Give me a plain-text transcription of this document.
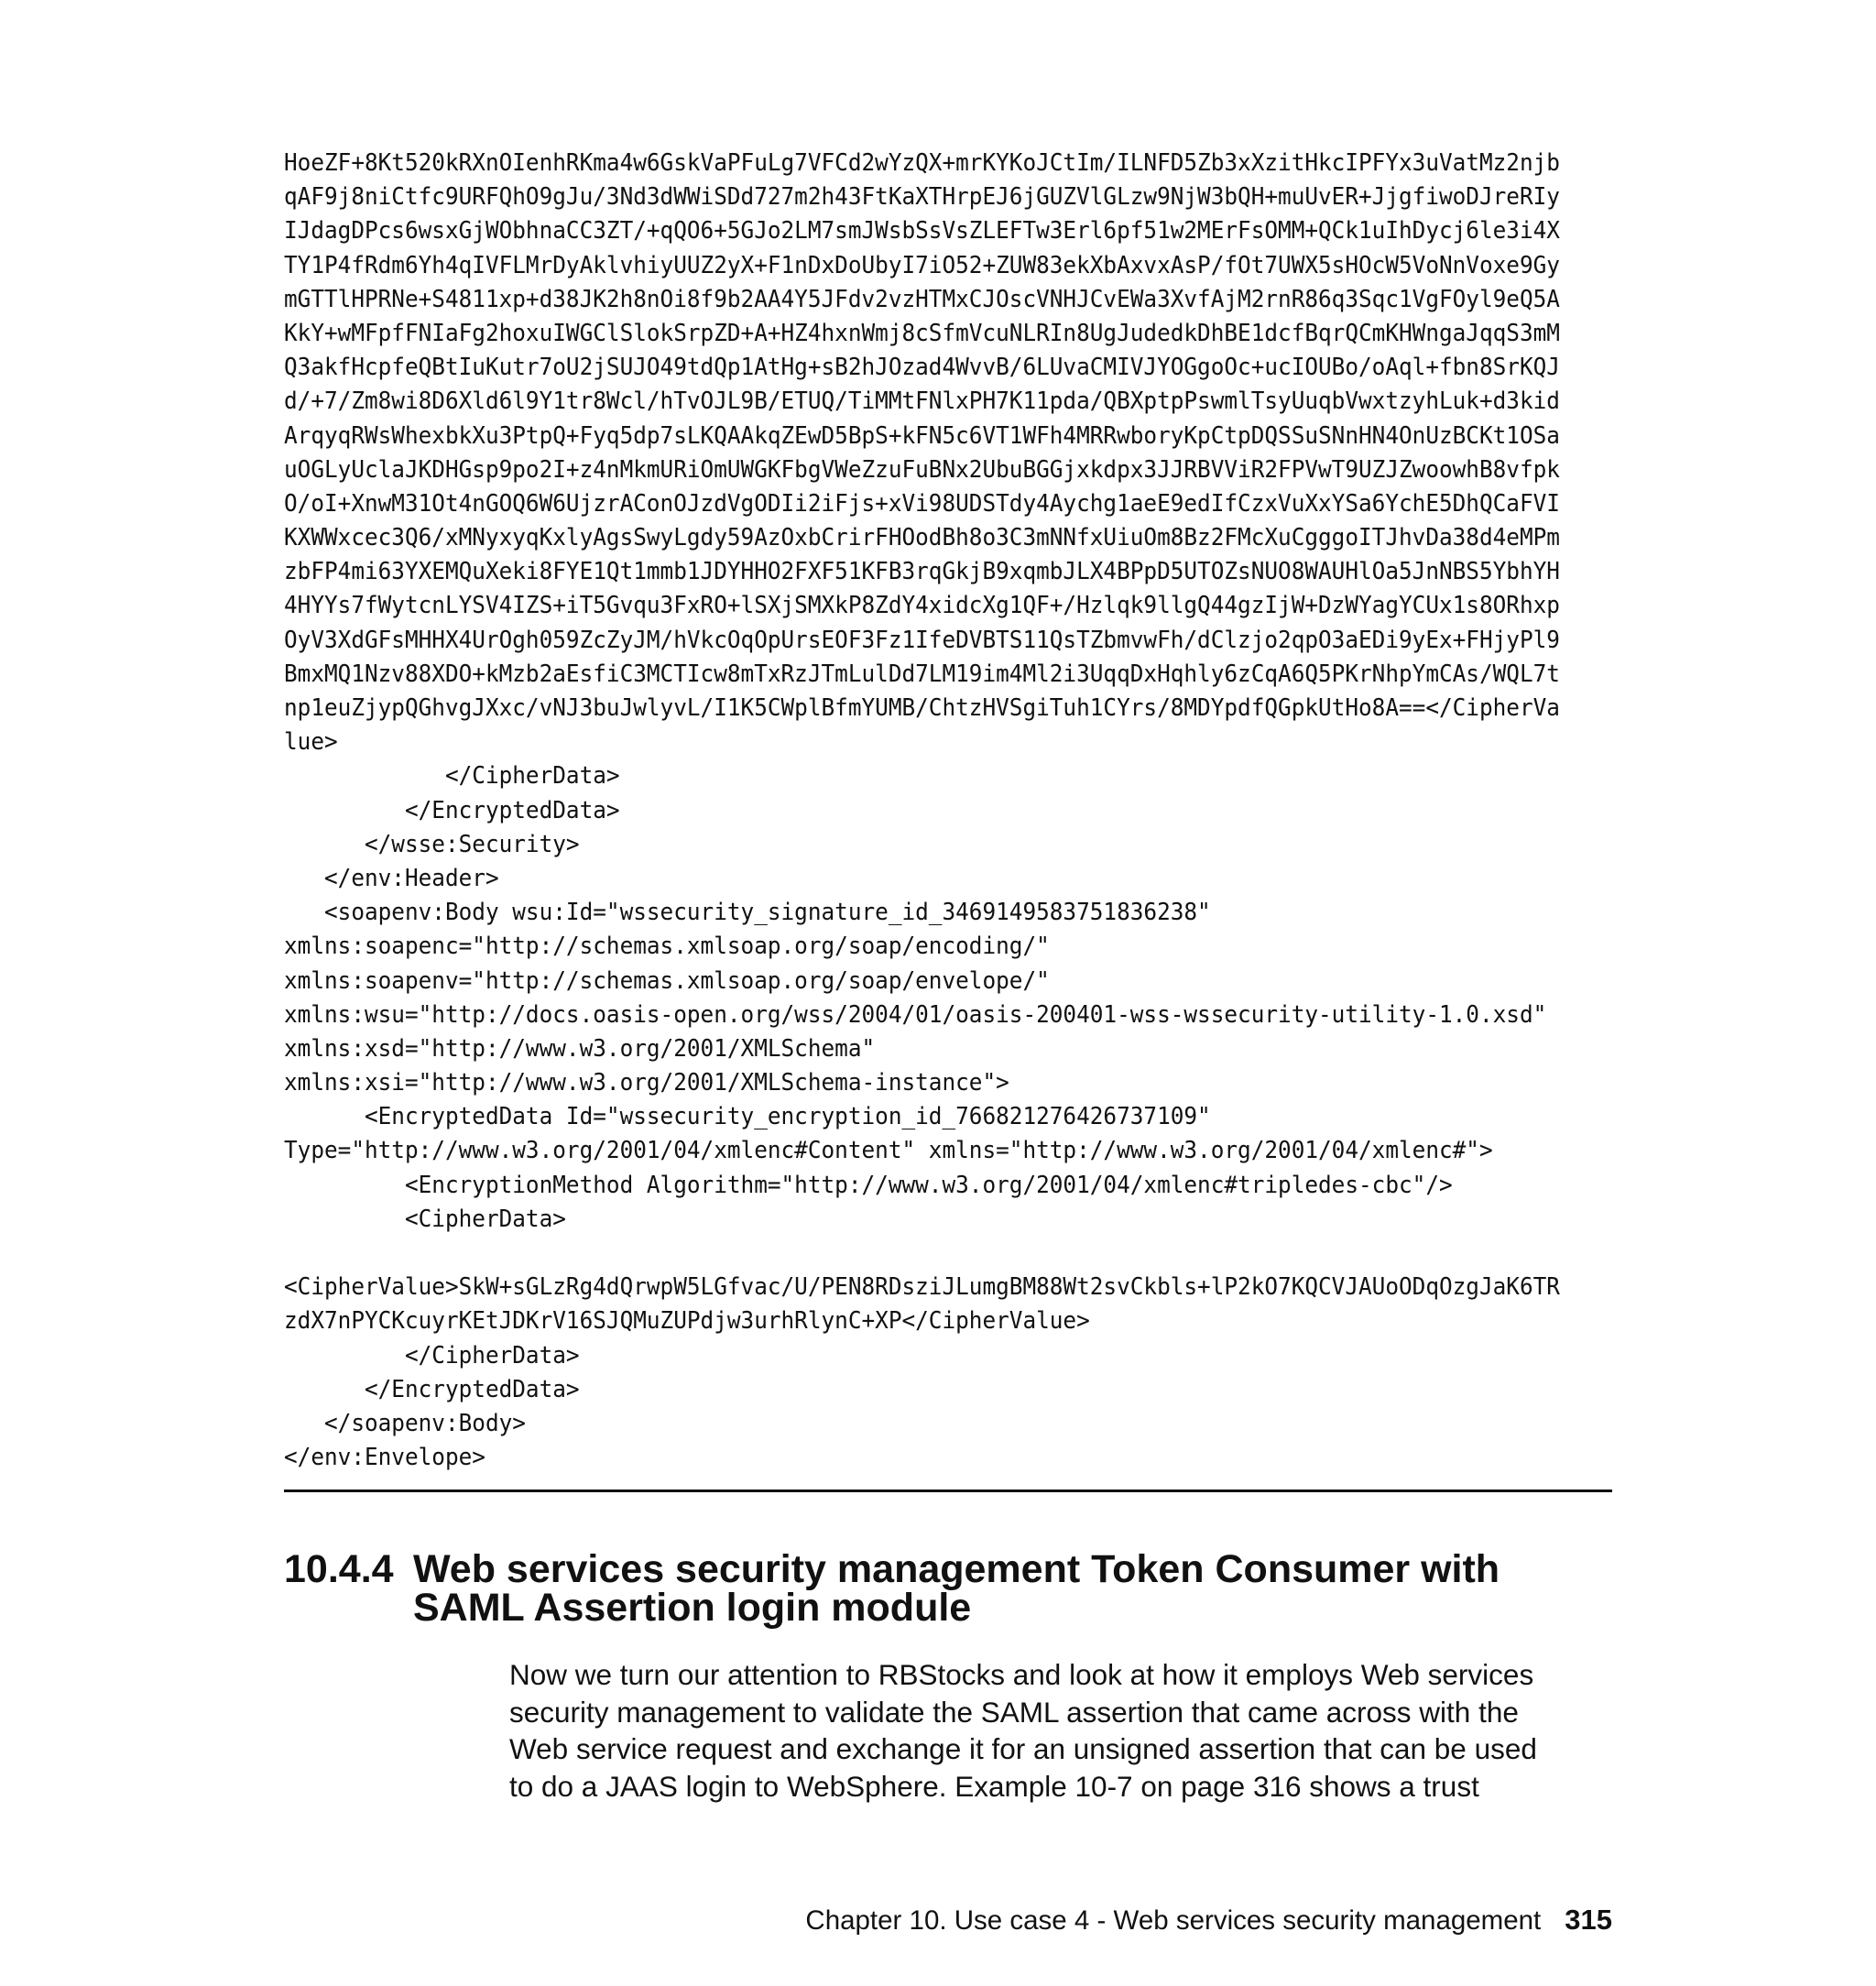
HoeZF+8Kt520kRXnOIenhRKma4w6GskVaPFuLg7VFCd2wYzQX+mrKYKoJCtIm/ILNFD5Zb3xXzitHkcIPFYx3uVatMz2njb
qAF9j8niCtfc9URFQhO9gJu/3Nd3dWWiSDd727m2h43FtKaXTHrpEJ6jGUZVlGLzw9NjW3bQH+muUvER+JjgfiwoDJreRIy
IJdagDPcs6wsxGjWObhnaCC3ZT/+qQO6+5GJo2LM7smJWsbSsVsZLEFTw3Erl6pf51w2MErFsOMM+QCk1uIhDycj6le3i4X
TY1P4fRdm6Yh4qIVFLMrDyAklvhiyUUZ2yX+F1nDxDoUbyI7iO52+ZUW83ekXbAxvxAsP/fOt7UWX5sHOcW5VoNnVoxe9Gy
mGTTlHPRNe+S4811xp+d38JK2h8nOi8f9b2AA4Y5JFdv2vzHTMxCJOscVNHJCvEWa3XvfAjM2rnR86q3Sqc1VgFOyl9eQ5A
KkY+wMFpfFNIaFg2hoxuIWGClSlokSrpZD+A+HZ4hxnWmj8cSfmVcuNLRIn8UgJudedkDhBE1dcfBqrQCmKHWngaJqqS3mM
Q3akfHcpfeQBtIuKutr7oU2jSUJO49tdQp1AtHg+sB2hJOzad4WvvB/6LUvaCMIVJYOGgoOc+ucIOUBo/oAql+fbn8SrKQJ
d/+7/Zm8wi8D6Xld6l9Y1tr8Wcl/hTvOJL9B/ETUQ/TiMMtFNlxPH7K11pda/QBXptpPswmlTsyUuqbVwxtzyhLuk+d3kid
ArqyqRWsWhexbkXu3PtpQ+Fyq5dp7sLKQAAkqZEwD5BpS+kFN5c6VT1WFh4MRRwboryKpCtpDQSSuSNnHN4OnUzBCKt1OSa
uOGLyUclaJKDHGsp9po2I+z4nMkmURiOmUWGKFbgVWeZzuFuBNx2UbuBGGjxkdpx3JJRBVViR2FPVwT9UZJZwoowhB8vfpk
O/oI+XnwM31Ot4nGOQ6W6UjzrAConOJzdVgODIi2iFjs+xVi98UDSTdy4Aychg1aeE9edIfCzxVuXxYSa6YchE5DhQCaFVI
KXWWxcec3Q6/xMNyxyqKxlyAgsSwyLgdy59AzOxbCrirFHOodBh8o3C3mNNfxUiuOm8Bz2FMcXuCgggoITJhvDa38d4eMPm
zbFP4mi63YXEMQuXeki8FYE1Qt1mmb1JDYHHO2FXF51KFB3rqGkjB9xqmbJLX4BPpD5UTOZsNUO8WAUHlOa5JnNBS5YbhYH
4HYYs7fWytcnLYSV4IZS+iT5Gvqu3FxRO+lSXjSMXkP8ZdY4xidcXg1QF+/Hzlqk9llgQ44gzIjW+DzWYagYCUx1s8ORhxp
OyV3XdGFsMHHX4UrOgh059ZcZyJM/hVkcOqOpUrsEOF3Fz1IfeDVBTS11QsTZbmvwFh/dClzjo2qpO3aEDi9yEx+FHjyPl9
BmxMQ1Nzv88XDO+kMzb2aEsfiC3MCTIcw8mTxRzJTmLulDd7LM19im4Ml2i3UqqDxHqhly6zCqA6Q5PKrNhpYmCAs/WQL7t
np1euZjypQGhvgJXxc/vNJ3buJwlyvL/I1K5CWplBfmYUMB/ChtzHVSgiTuh1CYrs/8MDYpdfQGpkUtHo8A==</CipherVa
lue>
</CipherData>
</EncryptedData>
</wsse:Security>
</env:Header>
<soapenv:Body wsu:Id="wssecurity_signature_id_3469149583751836238"
xmlns:soapenc="http://schemas.xmlsoap.org/soap/encoding/"
xmlns:soapenv="http://schemas.xmlsoap.org/soap/envelope/"
xmlns:wsu="http://docs.oasis-open.org/wss/2004/01/oasis-200401-wss-wssecurity-utility-1.0.xsd"
xmlns:xsd="http://www.w3.org/2001/XMLSchema"
xmlns:xsi="http://www.w3.org/2001/XMLSchema-instance">
<EncryptedData Id="wssecurity_encryption_id_766821276426737109"
Type="http://www.w3.org/2001/04/xmlenc#Content" xmlns="http://www.w3.org/2001/04/xmlenc#">
<EncryptionMethod Algorithm="http://www.w3.org/2001/04/xmlenc#tripledes-cbc"/>
<CipherData>
<CipherValue>SkW+sGLzRg4dQrwpW5LGfvac/U/PEN8RDsziJLumgBM88Wt2svCkbls+lP2kO7KQCVJAUoODqOzgJaK6TR
zdX7nPYCKcuyrKEtJDKrV16SJQMuZUPdjw3urhRlynC+XP</CipherValue>
</CipherData>
</EncryptedData>
</soapenv:Body>
</env:Envelope>
10.4.4 Web services security management Token Consumer with
SAML Assertion login module
Now we turn our attention to RBStocks and look at how it employs Web services
security management to validate the SAML assertion that came across with the
Web service request and exchange it for an unsigned assertion that can be used
to do a JAAS login to WebSphere. Example 10-7 on page 316 shows a trust
Chapter 10. Use case 4 - Web services security management 315
